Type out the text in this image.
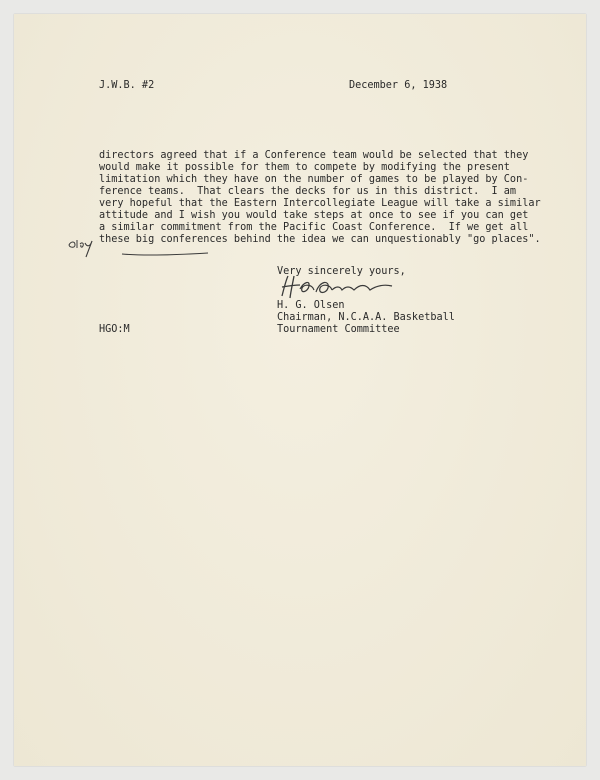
J.W.B. #2	December 6, 1938
directors agreed that if a Conference team would be selected that they
would make it possible for them to compete by modifying the present
limitation which they have on the number of games to be played by Con-
ference teams.  That clears the decks for us in this district.  I am
very hopeful that the Eastern Intercollegiate League will take a similar
attitude and I wish you would take steps at once to see if you can get
a similar commitment from the Pacific Coast Conference.  If we get all
these big conferences behind the idea we can unquestionably "go places".
Very sincerely yours,
H. G. Olsen
Chairman, N.C.A.A. Basketball
Tournament Committee
HGO:M
